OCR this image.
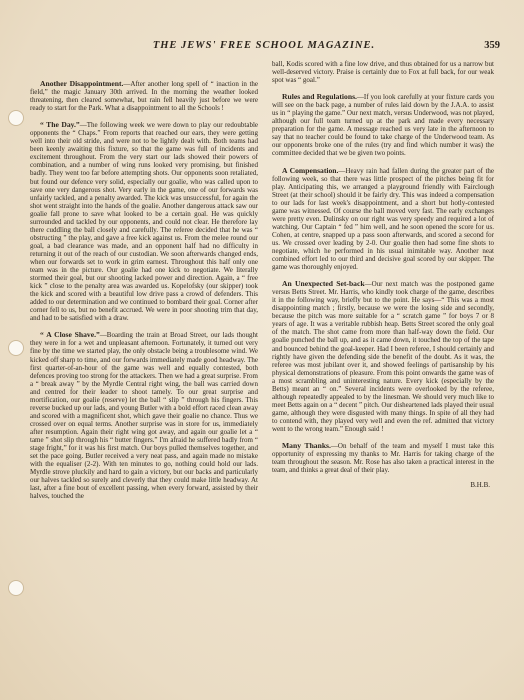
THE JEWS' FREE SCHOOL MAGAZINE.	359

Another Disappointment.—After another long spell of “ inaction in the field,” the magic January 30th arrived. In the morning the weather looked threatening, then cleared somewhat, but rain fell heavily just before we were ready to start for the Park. What a disappointment to all the Schools !

“ The Day.”—The following week we were down to play our redoubtable opponents the “ Chaps.” From reports that reached our ears, they were getting well into their old stride, and were not to be lightly dealt with. Both teams had been keenly awaiting this fixture, so that the game was full of incidents and excitement throughout. From the very start our lads showed their powers of combination, and a number of wing runs looked very promising, but finished badly. They went too far before attempting shots. Our opponents soon retaliated, but found our defence very solid, especially our goalie, who was called upon to save one very dangerous shot. Very early in the game, one of our forwards was unfairly tackled, and a penalty awarded. The kick was unsuccessful, for again the shot went straight into the hands of the goalie. Another dangerous attack saw our goalie fall prone to save what looked to be a certain goal. He was quickly surrounded and tackled by our opponents, and could not clear. He therefore lay there cuddling the ball closely and carefully. The referee decided that he was “ obstructing ” the play, and gave a free kick against us. From the melee round our goal, a bad clearance was made, and an opponent half had no difficulty in returning it out of the reach of our custodian. We soon afterwards changed ends, when our forwards set to work in grim earnest. Throughout this half only one team was in the picture. Our goalie had one kick to negotiate. We literally stormed their goal, but our shooting lacked power and direction. Again, a “ free kick ” close to the penalty area was awarded us. Kopelofsky (our skipper) took the kick and scored with a beautiful low drive pass a crowd of defenders. This added to our determination and we continued to bombard their goal. Corner after corner fell to us, but no benefit accrued. We were in poor shooting trim that day, and had to be satisfied with a draw.

“ A Close Shave.”—Boarding the train at Broad Street, our lads thought they were in for a wet and unpleasant afternoon. Fortunately, it turned out very fine by the time we started play, the only obstacle being a troublesome wind. We kicked off sharp to time, and our forwards immediately made good headway. The first quarter-of-an-hour of the game was well and equally contested, both defences proving too strong for the attackers. Then we had a great surprise. From a “ break away ” by the Myrdle Central right wing, the ball was carried down and centred for their leader to shoot tamely. To our great surprise and mortification, our goalie (reserve) let the ball “ slip ” through his fingers. This reverse bucked up our lads, and young Butler with a bold effort raced clean away and scored with a magnificent shot, which gave their goalie no chance. Thus we crossed over on equal terms. Another surprise was in store for us, immediately after resumption. Again their right wing got away, and again our goalie let a “ tame ” shot slip through his “ butter fingers.” I'm afraid he suffered badly from “ stage fright,” for it was his first match. Our boys pulled themselves together, and set the pace going. Butler received a very neat pass, and again made no mistake with the equaliser (2-2). With ten minutes to go, nothing could hold our lads. Myrdle strove pluckily and hard to gain a victory, but our backs and particularly our halves tackled so surely and cleverly that they could make little headway. At last, after a fine bout of excellent passing, when every forward, assisted by their halves, touched the

ball, Kodis scored with a fine low drive, and thus obtained for us a narrow but well-deserved victory. Praise is certainly due to Fox at full back, for our weak spot was “ goal.”

Rules and Regulations.—If you look carefully at your fixture cards you will see on the back page, a number of rules laid down by the J.A.A. to assist us in “ playing the game.” Our next match, versus Underwood, was not played, although our full team turned up at the park and made every necessary preparation for the game. A message reached us very late in the afternoon to say that no teacher could be found to take charge of the Underwood team. As our opponents broke one of the rules (try and find which number it was) the committee decided that we be given two points.

A Compensation.—Heavy rain had fallen during the greater part of the following week, so that there was little prospect of the pitches being fit for play. Anticipating this, we arranged a playground friendly with Fairclough Street (at their school) should it be fairly dry. This was indeed a compensation to our lads for last week's disappointment, and a short but hotly-contested game was witnessed. Of course the ball moved very fast. The early exchanges were pretty even. Dulinsky on our right was very speedy and required a lot of watching. Our Captain “ fed ” him well, and he soon opened the score for us. Cohen, at centre, snapped up a pass soon afterwards, and scored a second for us. We crossed over leading by 2-0. Our goalie then had some fine shots to negotiate, which he performed in his usual inimitable way. Another neat combined effort led to our third and decisive goal scored by our skipper. The game was thoroughly enjoyed.

An Unexpected Set-back—Our next match was the postponed game versus Betts Street. Mr. Harris, who kindly took charge of the game, describes it in the following way, briefly but to the point. He says—“ This was a most disappointing match ; firstly, because we were the losing side and secondly, because the pitch was more suitable for a “ scratch game ” for boys 7 or 8 years of age. It was a veritable rubbish heap. Betts Street scored the only goal of the match. The shot came from more than half-way down the field. Our goalie punched the ball up, and as it came down, it touched the top of the tape and bounced behind the goal-keeper. Had I been referee, I should certainly and rightly have given the defending side the benefit of the doubt. As it was, the referee was most jubilant over it, and showed feelings of partisanship by his physical demonstrations of pleasure. From this point onwards the game was of a most scrambling and uninteresting nature. Every kick (especially by the Betts) meant an “ on.” Several incidents were overlooked by the referee, although repeatedly appealed to by the linesman. We should very much like to meet Betts again on a “ decent ” pitch. Our disheartened lads played their usual game, although they were disgusted with many things. In spite of all they had to contend with, they played very well and even the ref. admitted that victory went to the wrong team.” Enough said !

Many Thanks.—On behalf of the team and myself I must take this opportunity of expressing my thanks to Mr. Harris for taking charge of the team throughout the season. Mr. Rose has also taken a practical interest in the team, and thinks a great deal of their play.

B.H.B.
